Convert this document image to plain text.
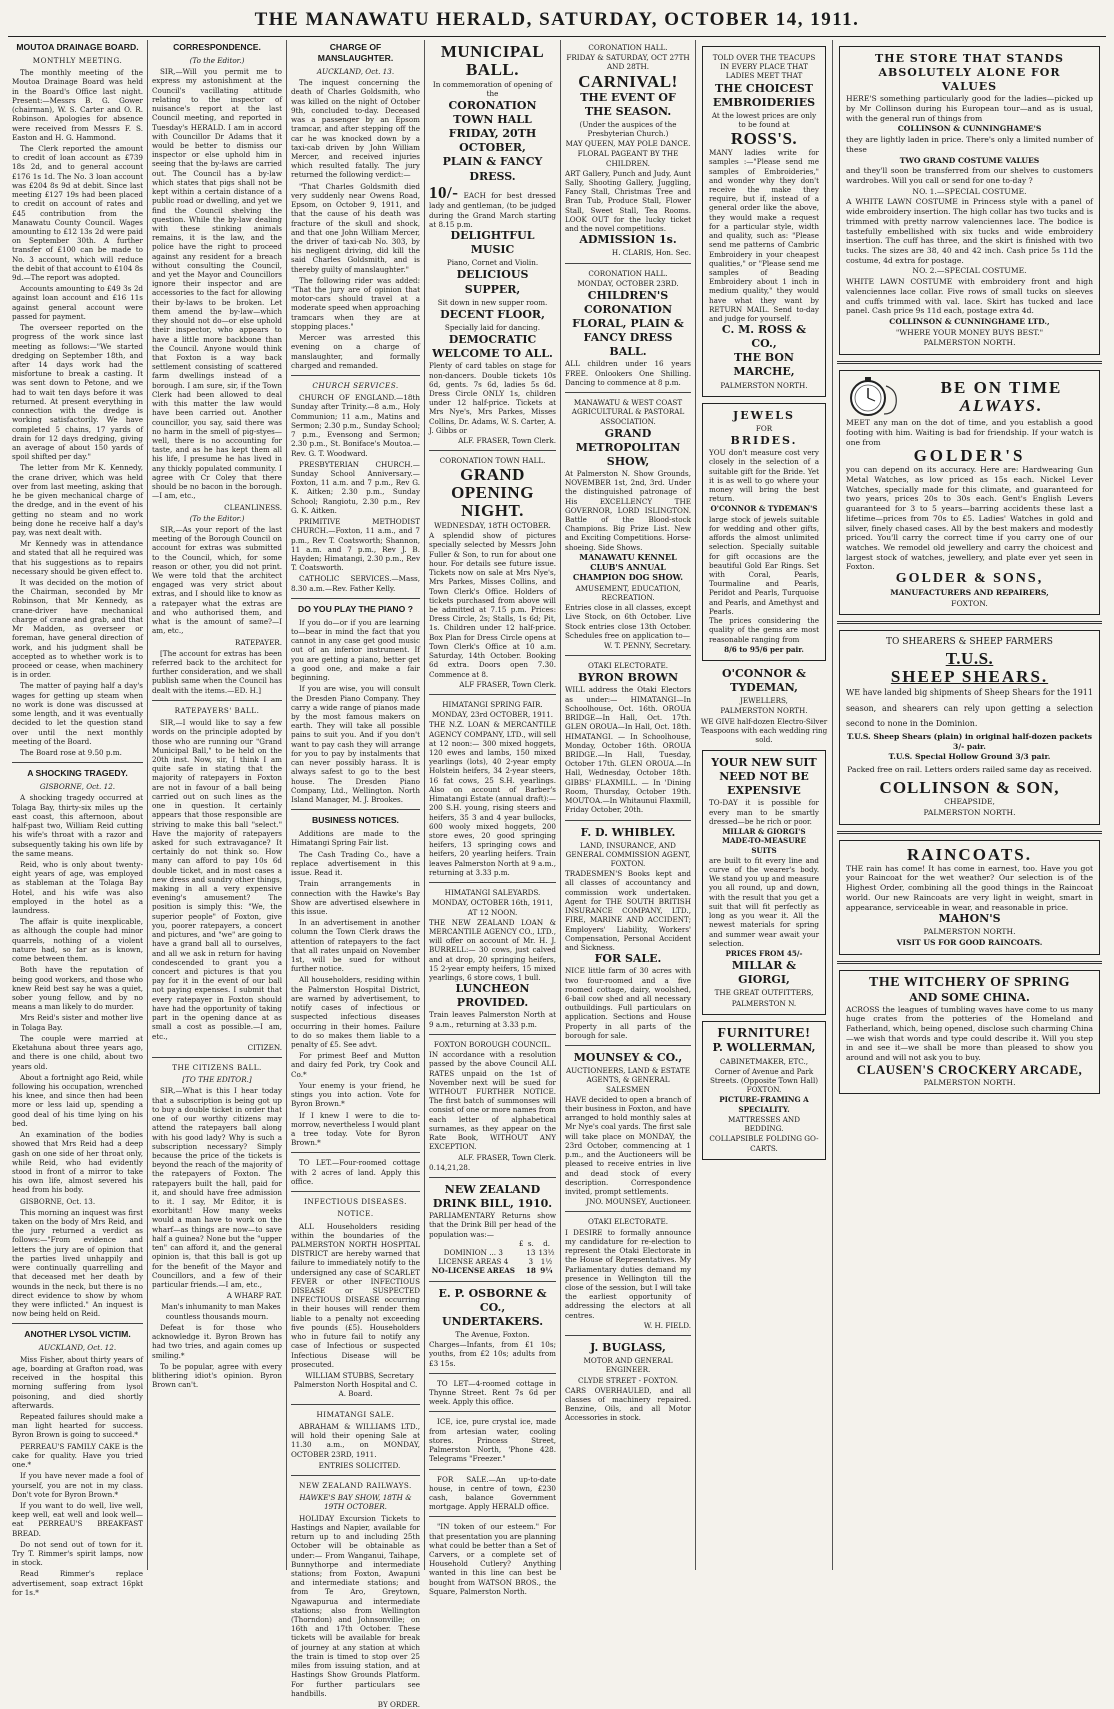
THE MANAWATU HERALD, SATURDAY, OCTOBER 14, 1911.
MOUTOA DRAINAGE BOARD.
MONTHLY MEETING.

The monthly meeting of the Moutoa Drainage Board was held in the Board's Office last night. Present:—Messrs B. G. Gower (chairman), W. S. Carter and O. R. Robinson. Apologies for absence were received from Messrs F. S. Easton and H. G. Hammond.

The Clerk reported the amount to credit of loan account as £739 18s 2d, and to general account £176 1s 1d. The No. 3 loan account was £204 8s 9d at debit. Since last meeting £127 19s had been placed to credit on account of rates and £45 contribution from the Manawatu County Council. Wages amounting to £12 13s 2d were paid on September 30th. A further transfer of £100 can be made to No. 3 account, which will reduce the debit of that account to £104 8s 9d.—The report was adopted.

Accounts amounting to £49 3s 2d against loan account and £16 11s against general account were passed for payment.

The overseer reported on the progress of the work since last meeting as follows:—"We started dredging on September 18th, and after 14 days work had the misfortune to break a casting. It was sent down to Petone, and we had to wait ten days before it was returned. At present everything in connection with the dredge is working satisfactorily. We have completed 5 chains, 17 yards of drain for 12 days dredging, giving an average of about 150 yards of spoil shifted per day."

The letter from Mr K. Kennedy, the crane driver, which was held over from last meeting, asking that he be given mechanical charge of the dredge, and in the event of his getting no steam and no work being done he receive half a day's pay, was next dealt with.

Mr Kennedy was in attendance and stated that all he required was that his suggestions as to repairs necessary should be given effect to.

It was decided on the motion of the Chairman, seconded by Mr Robinson, that Mr Kennedy, as crane-driver have mechanical charge of crane and grab, and that Mr Madden, as overseer or foreman, have general direction of work, and his judgment shall be accepted as to whether work is to proceed or cease, when machinery is in order.

The matter of paying half a day's wages for getting up steam when no work is done was discussed at some length, and it was eventually decided to let the question stand over until the next monthly meeting of the Board.

The Board rose at 9.50 p.m.

A SHOCKING TRAGEDY.
GISBORNE, Oct. 12.

A shocking tragedy occurred at Tolaga Bay, thirty-six miles up the east coast, this afternoon, about half-past two, William Reid cutting his wife's throat with a razor and subsequently taking his own life by the same means.

Reid, who is only about twenty-eight years of age, was employed as stableman at the Tolaga Bay Hotel, and his wife was also employed in the hotel as a laundress.

The affair is quite inexplicable, as although the couple had minor quarrels, nothing of a violent nature had, so far as is known, come between them.

Both have the reputation of being good workers, and those who knew Reid best say he was a quiet, sober young fellow, and by no means a man likely to do murder.

Mrs Reid's sister and mother live in Tolaga Bay.

The couple were married at Eketahuna about three years ago, and there is one child, about two years old.

About a fortnight ago Reid, while following his occupation, wrenched his knee, and since then had been more or less laid up, spending a good deal of his time lying on his bed.

An examination of the bodies showed that Mrs Reid had a deep gash on one side of her throat only, while Reid, who had evidently stood in front of a mirror to take his own life, almost severed his head from his body.

GISBORNE, Oct. 13.

This morning an inquest was first taken on the body of Mrs Reid, and the jury returned a verdict as follows:—"From evidence and letters the jury are of opinion that the parties lived unhappily and were continually quarrelling and that deceased met her death by wounds in the neck, but there is no direct evidence to show by whom they were inflicted." An inquest is now being held on Reid.

ANOTHER LYSOL VICTIM.
AUCKLAND, Oct. 12.

Miss Fisher, about thirty years of age, boarding at Grafton road, was received in the hospital this morning suffering from lysol poisoning, and died shortly afterwards.

Repeated failures should make a man light hearted for success. Byron Brown is going to succeed.*

PERREAU'S FAMILY CAKE is the cake for quality. Have you tried one.*

If you have never made a fool of yourself, you are not in my class. Don't vote for Byron Brown.*

If you want to do well, live well, keep well, eat well and look well—eat PERREAU'S BREAKFAST BREAD.

Do not send out of town for it. Try T. Rimmer's spirit lamps, now in stock.

Read Rimmer's replace advertisement, soap extract 16pkt for 1s.*

CORRESPONDENCE.
(To the Editor.)

SIR,—Will you permit me to express my astonishment at the Council's vacillating attitude relating to the inspector of nuisance's report at the last Council meeting, and reported in Tuesday's HERALD. I am in accord with Councillor Dr Adams that it would be better to dismiss our inspector or else uphold him in seeing that the by-laws are carried out. The Council has a by-law which states that pigs shall not be kept within a certain distance of a public road or dwelling, and yet we find the Council shelving the question. While the by-law dealing with these stinking animals remains, it is the law, and the police have the right to proceed against any resident for a breach without consulting the Council, and yet the Mayor and Councillors ignore their inspector and are accessories to the fact for allowing their by-laws to be broken. Let them amend the by-law—which they should not do—or else uphold their inspector, who appears to have a little more backbone than the Council. Anyone would think that Foxton is a way back settlement consisting of scattered farm dwellings instead of a borough. I am sure, sir, if the Town Clerk had been allowed to deal with this matter the law would have been carried out. Another councillor, you say, said there was no harm in the smell of pig-styes—well, there is no accounting for taste, and as he has kept them all his life, I presume he has lived in any thickly populated community. I agree with Cr Coley that there should be no bacon in the borough.—I am, etc.,

CLEANLINESS.

(To the Editor.)

SIR,—As your report of the last meeting of the Borough Council on account for extras was submitted to the Council, which, for some reason or other, you did not print. We were told that the architect engaged was very strict about extras, and I should like to know as a ratepayer what the extras are and who authorised them, and what is the amount of same?—I am, etc.,

RATEPAYER.

[The account for extras has been referred back to the architect for further consideration, and we shall publish same when the Council has dealt with the items.—ED. H.]

RATEPAYERS' BALL.

SIR,—I would like to say a few words on the principle adopted by those who are running our "Grand Municipal Ball," to be held on the 20th inst. Now, sir, I think I am quite safe in stating that the majority of ratepayers in Foxton are not in favour of a ball being carried out on such lines as the one in question. It certainly appears that those responsible are striving to make this ball "select." Have the majority of ratepayers asked for such extravagance? It certainly do not think so. How many can afford to pay 10s 6d double ticket, and in most cases a new dress and sundry other things, making in all a very expensive evening's amusement? The position is simply this: "We, the superior people" of Foxton, give you, poorer ratepayers, a concert and pictures, and "we" are going to have a grand ball all to ourselves, and all we ask in return for having condescended to grant you a concert and pictures is that you pay for it in the event of our ball not paying expenses. I submit that every ratepayer in Foxton should have had the opportunity of taking part in the opening dance at as small a cost as possible.—I am, etc.,

CITIZEN.

THE CITIZENS BALL.
[TO THE EDITOR.]

SIR,—What is this I hear today that a subscription is being got up to buy a double ticket in order that one of our worthy citizens may attend the ratepayers ball along with his good lady? Why is such a subscription necessary? Simply because the price of the tickets is beyond the reach of the majority of the ratepayers of Foxton. The ratepayers built the hall, paid for it, and should have free admission to it. I say, Mr Editor, it is exorbitant! How many weeks would a man have to work on the wharf—as things are now—to save half a guinea? None but the "upper ten" can afford it, and the general opinion is, that this ball is got up for the benefit of the Mayor and Councillors, and a few of their particular friends.—I am, etc.,

A WHARF RAT.

Man's inhumanity to man Makes countless thousands mourn.

Defeat is for those who acknowledge it. Byron Brown has had two tries, and again comes up smiling.*

To be popular, agree with every blithering idiot's opinion. Byron Brown can't.

CHARGE OF MANSLAUGHTER.
AUCKLAND, Oct. 13.

The inquest concerning the death of Charles Goldsmith, who was killed on the night of October 9th, concluded to-day. Deceased was a passenger by an Epsom tramcar, and after stepping off the car he was knocked down by a taxi-cab driven by John William Mercer, and received injuries which resulted fatally. The jury returned the following verdict:—

"That Charles Goldsmith died very suddenly near Owens Road, Epsom, on October 9, 1911, and that the cause of his death was fracture of the skull and shock, and that one John William Mercer, the driver of taxi-cab No. 303, by his negligent driving, did kill the said Charles Goldsmith, and is thereby guilty of manslaughter."

The following rider was added: "That the jury are of opinion that motor-cars should travel at a moderate speed when approaching tramcars when they are at stopping places."

Mercer was arrested this evening on a charge of manslaughter, and formally charged and remanded.

CHURCH SERVICES.

CHURCH OF ENGLAND.—18th Sunday after Trinity.—8 a.m., Holy Communion; 11 a.m., Matins and Sermon; 2.30 p.m., Sunday School; 7 p.m., Evensong and Sermon; 2.30 p.m., St. Boniface's Moutoa.—Rev. G. T. Woodward.

PRESBYTERIAN CHURCH.—Sunday School Anniversary.—Foxton, 11 a.m. and 7 p.m., Rev G. K. Aitken; 2.30 p.m., Sunday School; Rangiotu, 2.30 p.m., Rev G. K. Aitken.

PRIMITIVE METHODIST CHURCH.—Foxton, 11 a.m., and 7 p.m., Rev T. Coatsworth; Shannon, 11 a.m. and 7 p.m., Rev J. B. Hayden; Himatangi, 2.30 p.m., Rev T. Coatsworth.

CATHOLIC SERVICES.—Mass, 8.30 a.m.—Rev. Father Kelly.

DO YOU PLAY THE PIANO ?

If you do—or if you are learning to—bear in mind the fact that you cannot in any case get good music out of an inferior instrument. If you are getting a piano, better get a good one, and make a fair beginning.

If you are wise, you will consult the Dresden Piano Company. They carry a wide range of pianos made by the most famous makers on earth. They will take all possible pains to suit you. And if you don't want to pay cash they will arrange for you to pay by instalments that can never possibly harass. It is always safest to go to the best house. The Dresden Piano Company, Ltd., Wellington. North Island Manager, M. J. Brookes.

BUSINESS NOTICES.

Additions are made to the Himatangi Spring Fair list.

The Cash Trading Co., have a replace advertisement in this issue. Read it.

Train arrangements in connection with the Hawke's Bay Show are advertised elsewhere in this issue.

In an advertisement in another column the Town Clerk draws the attention of ratepayers to the fact that all rates unpaid on November 1st, will be sued for without further notice.

All householders, residing within the Palmerston Hospital District, are warned by advertisement, to notify cases of infectious or suspected infectious diseases occurring in their homes. Failure to do so makes them liable to a penalty of £5. See advt.

For primest Beef and Mutton and dairy fed Pork, try Cook and Co.*

Your enemy is your friend, he stings you into action. Vote for Byron Brown.*

If I knew I were to die to-morrow, nevertheless I would plant a tree today. Vote for Byron Brown.*

TO LET.—Four-roomed cottage with 2 acres of land. Apply this office.

INFECTIOUS DISEASES.
NOTICE.

ALL Householders residing within the boundaries of the PALMERSTON NORTH HOSPITAL DISTRICT are hereby warned that failure to immediately notify to the undersigned any case of SCARLET FEVER or other INFECTIOUS DISEASE or SUSPECTED INFECTIOUS DISEASE occurring in their houses will render them liable to a penalty not exceeding five pounds (£5). Householders who in future fail to notify any case of Infectious or suspected Infectious Disease will be prosecuted.

WILLIAM STUBBS, Secretary Palmerston North Hospital and C. A. Board.

HIMATANGI SALE.

ABRAHAM & WILLIAMS LTD., will hold their opening Sale at 11.30 a.m., on MONDAY, OCTOBER 23RD, 1911.

ENTRIES SOLICITED.

NEW ZEALAND RAILWAYS.
HAWKE'S BAY SHOW, 18TH & 19TH OCTOBER.

HOLIDAY Excursion Tickets to Hastings and Napier, available for return up to and including 25th October will be obtainable as under:— From Wanganui, Taihape, Bunnythorpe and intermediate stations; from Foxton, Awapuni and intermediate stations; and from Te Aro, Greytown, Ngawapurua and intermediate stations; also from Wellington (Thorndon) and Johnsonville; on 16th and 17th October. These tickets will be available for break of journey at any station at which the train is timed to stop over 25 miles from issuing station, and at Hastings Show Grounds Platform. For further particulars see handbills.

BY ORDER.

MUNICIPAL BALL.
In commemoration of opening of the
CORONATION TOWN HALL
FRIDAY, 20TH OCTOBER,
PLAIN & FANCY DRESS.
10/- EACH for best dressed lady and gentleman, (to be judged during the Grand March starting at 8.15 p.m.
DELIGHTFUL MUSIC
Piano, Cornet and Violin.
DELICIOUS SUPPER,
Sit down in new supper room.
DECENT FLOOR,
Specially laid for dancing.
DEMOCRATIC WELCOME TO ALL.
Plenty of card tables on stage for non-dancers. Double tickets 10s 6d, gents. 7s 6d, ladies 5s 6d. Dress Circle ONLY 1s, children under 12 half-price. Tickets at Mrs Nye's, Mrs Parkes, Misses Collins, Dr. Adams, W. S. Carter, A. J. Gibbs or
ALF. FRASER, Town Clerk.
CORONATION TOWN HALL.
GRAND OPENING NIGHT.
WEDNESDAY, 18TH OCTOBER.
A splendid show of pictures specially selected by Messrs John Fuller & Son, to run for about one hour. For details see future issue. Tickets now on sale at Mrs Nye's, Mrs Parkes, Misses Collins, and Town Clerk's Office. Holders of tickets purchased from above will be admitted at 7.15 p.m. Prices: Dress Circle, 2s; Stalls, 1s 6d; Pit, 1s. Children under 12 half-price. Box Plan for Dress Circle opens at Town Clerk's Office at 10 a.m. Saturday, 14th October. Booking 6d extra. Doors open 7.30. Commence at 8.
ALF FRASER, Town Clerk.
HIMATANGI SPRING FAIR.
MONDAY, 23rd OCTOBER, 1911.
THE N.Z. LOAN & MERCANTILE AGENCY COMPANY, LTD., will sell at 12 noon:— 300 mixed hoggets, 120 ewes and lambs, 150 mixed yearlings (lots), 40 2-year empty Holstein heifers, 34 2-year steers, 16 fat cows, 25 S.H. yearlings. Also on account of Barber's Himatangi Estate (annual draft):— 200 S.H. young, rising steers and heifers, 35 3 and 4 year bullocks, 600 wooly mixed hoggets, 200 store ewes, 20 good springing heifers, 13 springing cows and heifers, 20 yearling heifers. Train leaves Palmerston North at 9 a.m., returning at 3.33 p.m.
HIMATANGI SALEYARDS.
MONDAY, OCTOBER 16th, 1911, AT 12 NOON.
THE NEW ZEALAND LOAN & MERCANTILE AGENCY CO., LTD., will offer on account of Mr. H. J. BURRELL:— 30 cows, just calved and at drop, 20 springing heifers, 15 2-year empty heifers, 15 mixed yearlings, 6 store cows, 1 bull.
LUNCHEON PROVIDED.
Train leaves Palmerston North at 9 a.m., returning at 3.33 p.m.
FOXTON BOROUGH COUNCIL.
IN accordance with a resolution passed by the above Council ALL RATES unpaid on the 1st of November next will be sued for WITHOUT FURTHER NOTICE. The first batch of summonses will consist of one or more names from each letter of alphabetical surnames, as they appear on the Rate Book, WITHOUT ANY EXCEPTION.
ALF. FRASER, Town Clerk.
0.14,21,28.
NEW ZEALAND DRINK BILL, 1910.
PARLIAMENTARY Returns show that the Drink Bill per head of the population was:—
	£	s.	d.
DOMINION ... 3		13	13½
LICENSE AREAS 4		3	1½
NO-LICENSE AREAS		18	9¼
E. P. OSBORNE & CO., UNDERTAKERS.
The Avenue, Foxton.
Charges—Infants, from £1 10s; youths, from £2 10s; adults from £3 15s.

TO LET—4-roomed cottage in Thynne Street. Rent 7s 6d per week. Apply this office.

ICE, ice, pure crystal ice, made from artesian water, cooling stores. Princess Street, Palmerston North, 'Phone 428. Telegrams "Freezer."

FOR SALE.—An up-to-date house, in centre of town, £230 cash, balance Government mortgage. Apply HERALD office.

"IN token of our esteem." For that presentation you are planning what could be better than a Set of Carvers, or a complete set of Household Cutlery? Anything wanted in this line can best be bought from WATSON BROS., the Square, Palmerston North.

CORONATION HALL.
FRIDAY & SATURDAY, OCT 27TH AND 28TH.
CARNIVAL!
THE EVENT OF THE SEASON.
(Under the auspices of the Presbyterian Church.)
MAY QUEEN, MAY POLE DANCE.
FLORAL PAGEANT BY THE CHILDREN.
ART Gallery, Punch and Judy, Aunt Sally, Shooting Gallery, Juggling, Fancy Stall, Christmas Tree and Bran Tub, Produce Stall, Flower Stall, Sweet Stall, Tea Rooms. LOOK OUT for the lucky ticket and the novel competitions.
ADMISSION 1s.
H. CLARIS, Hon. Sec.
CORONATION HALL.
MONDAY, OCTOBER 23RD.
CHILDREN'S CORONATION FLORAL, PLAIN & FANCY DRESS BALL.
ALL children under 16 years FREE. Onlookers One Shilling. Dancing to commence at 8 p.m.
MANAWATU & WEST COAST AGRICULTURAL & PASTORAL ASSOCIATION.
GRAND METROPOLITAN SHOW,
At Palmerston N. Show Grounds, NOVEMBER 1st, 2nd, 3rd. Under the distinguished patronage of His EXCELLENCY THE GOVERNOR, LORD ISLINGTON. Battle of the Blood-stock Champions. Big Prize List. New and Exciting Competitions. Horse-shoeing. Side Shows.
MANAWATU KENNEL CLUB'S ANNUAL CHAMPION DOG SHOW.
AMUSEMENT, EDUCATION, RECREATION.
Entries close in all classes, except Live Stock, on 6th October. Live Stock entries close 13th October. Schedules free on application to—
W. T. PENNY, Secretary.
OTAKI ELECTORATE.
BYRON BROWN
WILL address the Otaki Electors as under:— HIMATANGI—In Schoolhouse, Oct. 16th. OROUA BRIDGE—In Hall, Oct. 17th. GLEN OROUA—In Hall, Oct. 18th. HIMATANGI. — In Schoolhouse, Monday, October 16th. OROUA BRIDGE.—In Hall, Tuesday, October 17th. GLEN OROUA.—In Hall, Wednesday, October 18th. GIBBS' FLAXMILL. — In 'Dining Room, Thursday, October 19th. MOUTOA.—In Whitaunui Flaxmill, Friday October, 20th.
F. D. WHIBLEY.
LAND, INSURANCE, AND GENERAL COMMISSION AGENT, FOXTON.
TRADESMEN'S Books kept and all classes of accountancy and commission work undertaken. Agent for THE SOUTH BRITISH INSURANCE COMPANY, LTD., FIRE, MARINE AND ACCIDENT; Employers' Liability, Workers' Compensation, Personal Accident and Sickness.
FOR SALE.
NICE little farm of 30 acres with two four-roomed and a five roomed cottage, dairy, woolshed, 6-bail cow shed and all necessary outbuildings. Full particulars on application. Sections and House Property in all parts of the borough for sale.
MOUNSEY & CO.,
AUCTIONEERS, LAND & ESTATE AGENTS, & GENERAL SALESMEN
HAVE decided to open a branch of their business in Foxton, and have arranged to hold monthly sales at Mr Nye's coal yards. The first sale will take place on MONDAY, the 23rd October, commencing at 1 p.m., and the Auctioneers will be pleased to receive entries in live and dead stock of every description. Correspondence invited, prompt settlements.
JNO. MOUNSEY, Auctioneer.
OTAKI ELECTORATE.
I DESIRE to formally announce my candidature for re-election to represent the Otaki Electorate in the House of Representatives. My Parliamentary duties demand my presence in Wellington till the close of the session, but I will take the earliest opportunity of addressing the electors at all centres.
W. H. FIELD.
J. BUGLASS,
MOTOR AND GENERAL ENGINEER.
CLYDE STREET - FOXTON.
CARS OVERHAULED, and all classes of machinery repaired. Benzine, Oils, and all Motor Accessories in stock.
TOLD OVER THE TEACUPS IN EVERY PLACE THAT LADIES MEET THAT
THE CHOICEST EMBROIDERIES
At the lowest prices are only to be found at
ROSS'S.
MANY ladies write for samples :—"Please send me samples of Embroideries," and wonder why they don't receive the make they require, but if, instead of a general order like the above, they would make a request for a particular style, width and quality, such as: "Please send me patterns of Cambric Embroidery in your cheapest qualities," or "Please send me samples of Beading Embroidery about 1 inch in medium quality," they would have what they want by RETURN MAIL. Send to-day and judge for yourself.
C. M. ROSS & CO.,
THE BON MARCHE,
PALMERSTON NORTH.
JEWELS
FOR
BRIDES.
YOU don't measure cost very closely in the selection of a suitable gift for the Bride. Yet it is as well to go where your money will bring the best return.
O'CONNOR & TYDEMAN'S
large stock of jewels suitable for wedding and other gifts, affords the almost unlimited selection. Specially suitable for gift occasions are the beautiful Gold Ear Rings. Set with Coral, Pearls, Tourmaline and Pearls, Peridot and Pearls, Turquoise and Pearls, and Amethyst and Pearls.
The prices considering the quality of the gems are most reasonable ranging from
8/6 to 95/6 per pair.
O'CONNOR & TYDEMAN,
JEWELLERS,
PALMERSTON NORTH.
WE GIVE half-dozen Electro-Silver Teaspoons with each wedding ring sold.
YOUR NEW SUIT
NEED NOT BE EXPENSIVE
TO-DAY it is possible for every man to be smartly dressed—be he rich or poor.
MILLAR & GIORGI'S MADE-TO-MEASURE SUITS
are built to fit every line and curve of the wearer's body. We stand you up and measure you all round, up and down, with the result that you get a suit that will fit perfectly as long as you wear it. All the newest materials for spring and summer wear await your selection.
PRICES FROM 45/-
MILLAR & GIORGI,
THE GREAT OUTFITTERS,
PALMERSTON N.
FURNITURE!
P. WOLLERMAN,
CABINETMAKER, ETC.,
Corner of Avenue and Park Streets. (Opposite Town Hall) FOXTON.
PICTURE-FRAMING A SPECIALITY.
MATTRESSES AND BEDDING.
COLLAPSIBLE FOLDING GO-CARTS.
THE STORE THAT STANDS
ABSOLUTELY ALONE FOR
VALUES
HERE'S something particularly good for the ladies—picked up by Mr Collinson during his European tour—and as is usual, with the general run of things from
COLLINSON & CUNNINGHAME'S
they are lightly laden in price. There's only a limited number of these
TWO GRAND COSTUME VALUES
and they'll soon be transferred from our shelves to customers wardrobes. Will you call or send for one to-day ?
NO. 1.—SPECIAL COSTUME.
A WHITE LAWN COSTUME in Princess style with a panel of wide embroidery insertion. The high collar has two tucks and is trimmed with pretty narrow valenciennes lace. The bodice is tastefully embellished with six tucks and wide embroidery insertion. The cuff has three, and the skirt is finished with two tucks. The sizes are 38, 40 and 42 inch. Cash price 5s 11d the costume, 4d extra for postage.
NO. 2.—SPECIAL COSTUME.
WHITE LAWN COSTUME with embroidery front and high valenciennes lace collar. Five rows of small tucks on sleeves and cuffs trimmed with val. lace. Skirt has tucked and lace panel. Cash price 9s 11d each, postage extra 4d.
COLLINSON & CUNNINGHAME LTD.,
"WHERE YOUR MONEY BUYS BEST."
PALMERSTON NORTH.
BE ON TIME
ALWAYS.
MEET any man on the dot of time, and you establish a good footing with him. Waiting is bad for friendship. If your watch is one from
GOLDER'S
you can depend on its accuracy. Here are: Hardwearing Gun Metal Watches, as low priced as 15s each. Nickel Lever Watches, specially made for this climate, and guaranteed for two years, prices 20s to 30s each. Gent's English Levers guaranteed for 3 to 5 years—barring accidents these last a lifetime—prices from 70s to £5. Ladies' Watches in gold and silver, finely chased cases. All by the best makers and modestly priced. You'll carry the correct time if you carry one of our watches. We remodel old jewellery and carry the choicest and largest stock of watches, jewellery, and plate ever yet seen in Foxton.
GOLDER & SONS,
MANUFACTURERS AND REPAIRERS,
FOXTON.
TO SHEARERS & SHEEP FARMERS
T.U.S.
SHEEP SHEARS.
WE have landed big shipments of Sheep Shears for the 1911 season, and shearers can rely upon getting a selection second to none in the Dominion.
T.U.S. Sheep Shears (plain) in original half-dozen packets 3/- pair.
T.U.S. Special Hollow Ground 3/3 pair.
Packed free on rail. Letters orders railed same day as received.
COLLINSON & SON,
CHEAPSIDE,
PALMERSTON NORTH.
RAINCOATS.
THE rain has come! It has come in earnest, too. Have you got your Raincoat for the wet weather? Our selection is of the Highest Order, combining all the good things in the Raincoat world. Our new Raincoats are very light in weight, smart in appearance, serviceable in wear, and reasonable in price.
MAHON'S
PALMERSTON NORTH.
VISIT US FOR GOOD RAINCOATS.
THE WITCHERY OF SPRING
AND SOME CHINA.
ACROSS the leagues of tumbling waves have come to us many huge crates from the potteries of the Homeland and Fatherland, which, being opened, disclose such charming China—we wish that words and type could describe it. Will you step in and see it—we shall be more than pleased to show you around and will not ask you to buy.
CLAUSEN'S CROCKERY ARCADE,
PALMERSTON NORTH.
